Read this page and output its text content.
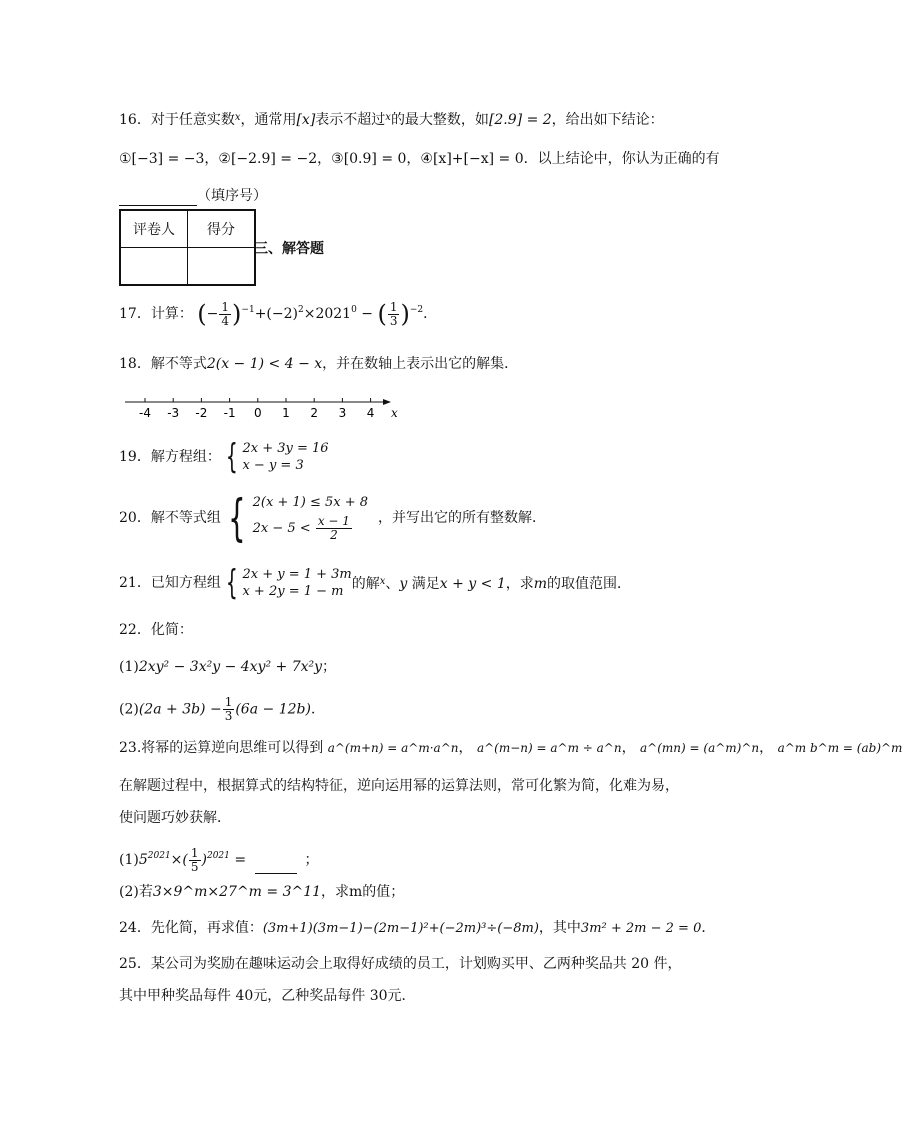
16．对于任意实数$^x$，通常用[x]表示不超过$^x$的最大整数，如[2.9] = 2，给出如下结论：
①[−3] = −3，②[−2.9] = −2，③[0.9] = 0，④[x]+[−x] = 0．以上结论中，你认为正确的有
（填序号）
评卷人	得分

三、解答题
17．计算： (− $\frac{1}{4} )^{-1}+(-2)^2\times 2021^0$ − ( $\frac{1}{3} )^{-2}$．
18．解不等式2(x − 1) < 4 − x，并在数轴上表示出它的解集．
-4 -3 -2 -1 0 1 2 3 4 x
19．解方程组： { 2x + 3y = 16
x − y = 3
20．解不等式组 { 2(x + 1) ≤ 5x + 8
$2x - 5 < \frac{x - 1}{2}$ ，并写出它的所有整数解．
21．已知方程组 { 2x + y = 1 + 3m
x + 2y = 1 − m 的解$^x$、y 满足x + y < 1，求m的取值范围．
22．化简：
(1)2xy² − 3x²y − 4xy² + 7x²y；
$(2)(2a + 3b) - \frac{1}{3} (6a - 12b)$．
23.将幂的运算逆向思维可以得到 a^(m+n) = a^m·a^n， a^(m−n) = a^m ÷ a^n， a^(mn) = (a^m)^n， a^m b^m = (ab)^m
在解题过程中，根据算式的结构特征，逆向运用幂的运算法则，常可化繁为简，化难为易，
使问题巧妙获解．
$(1)5^{2021}\times( \frac{1}{5} )^{2021}$ =	；
(2)若3×9^m×27^m = 3^11，求m的值；
24．先化简，再求值：(3m+1)(3m−1)−(2m−1)²+(−2m)³÷(−8m)，其中3m² + 2m − 2 = 0．
25．某公司为奖励在趣味运动会上取得好成绩的员工，计划购买甲、乙两种奖品共 20 件，
其中甲种奖品每件 40元，乙种奖品每件 30元．
